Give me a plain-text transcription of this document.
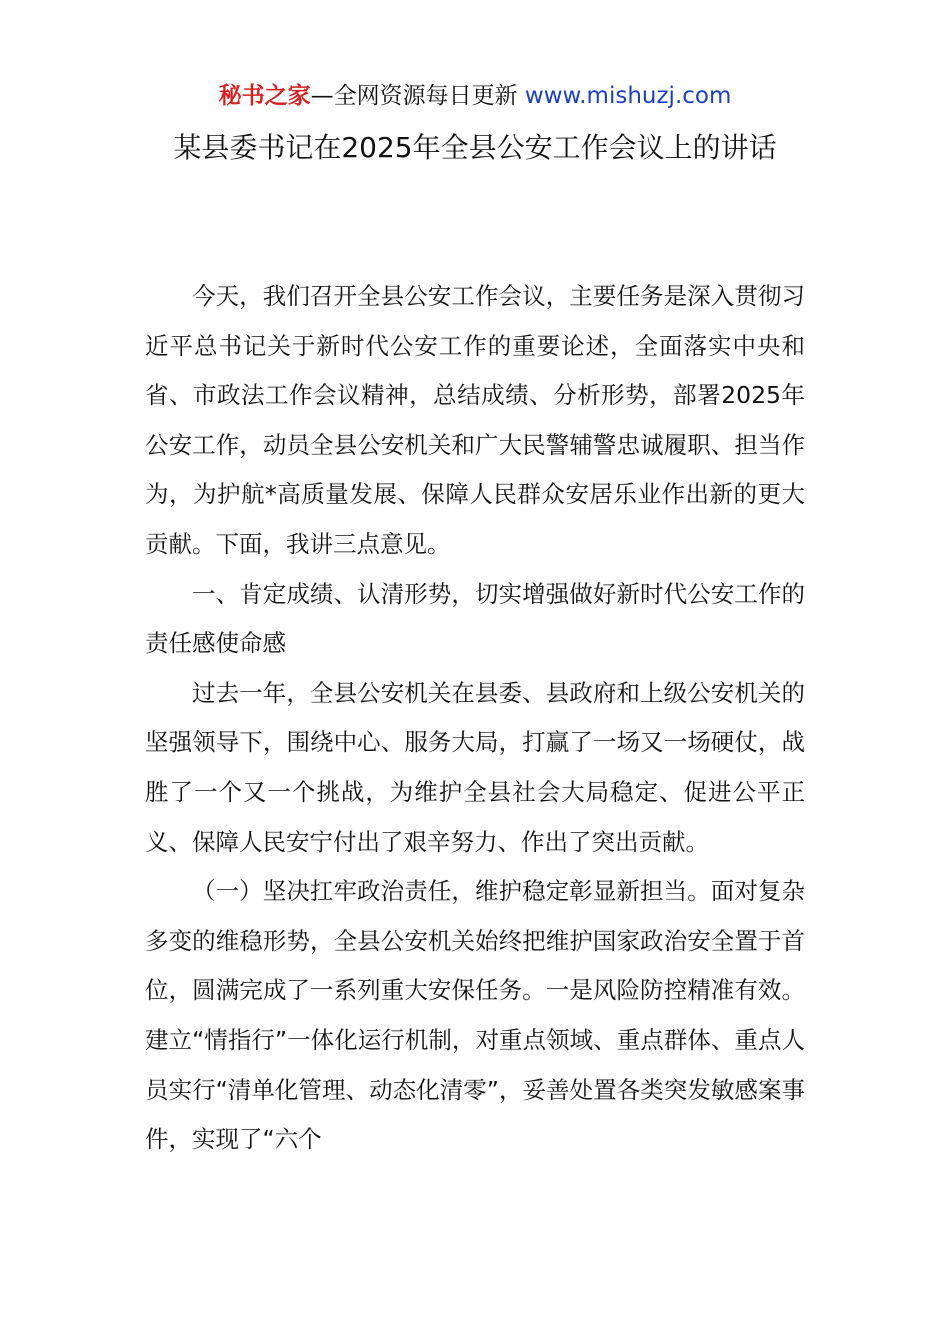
秘书之家—全网资源每日更新 www.mishuzj.com
某县委书记在2025年全县公安工作会议上的讲话

今天，我们召开全县公安工作会议，主要任务是深入贯彻习近平总书记关于新时代公安工作的重要论述，全面落实中央和省、市政法工作会议精神，总结成绩、分析形势，部署2025年公安工作，动员全县公安机关和广大民警辅警忠诚履职、担当作为，为护航*高质量发展、保障人民群众安居乐业作出新的更大贡献。下面，我讲三点意见。

一、肯定成绩、认清形势，切实增强做好新时代公安工作的责任感使命感

过去一年，全县公安机关在县委、县政府和上级公安机关的坚强领导下，围绕中心、服务大局，打赢了一场又一场硬仗，战胜了一个又一个挑战，为维护全县社会大局稳定、促进公平正义、保障人民安宁付出了艰辛努力、作出了突出贡献。

（一）坚决扛牢政治责任，维护稳定彰显新担当。面对复杂多变的维稳形势，全县公安机关始终把维护国家政治安全置于首位，圆满完成了一系列重大安保任务。一是风险防控精准有效。建立“情指行”一体化运行机制，对重点领域、重点群体、重点人员实行“清单化管理、动态化清零”，妥善处置各类突发敏感案事件，实现了“六个
